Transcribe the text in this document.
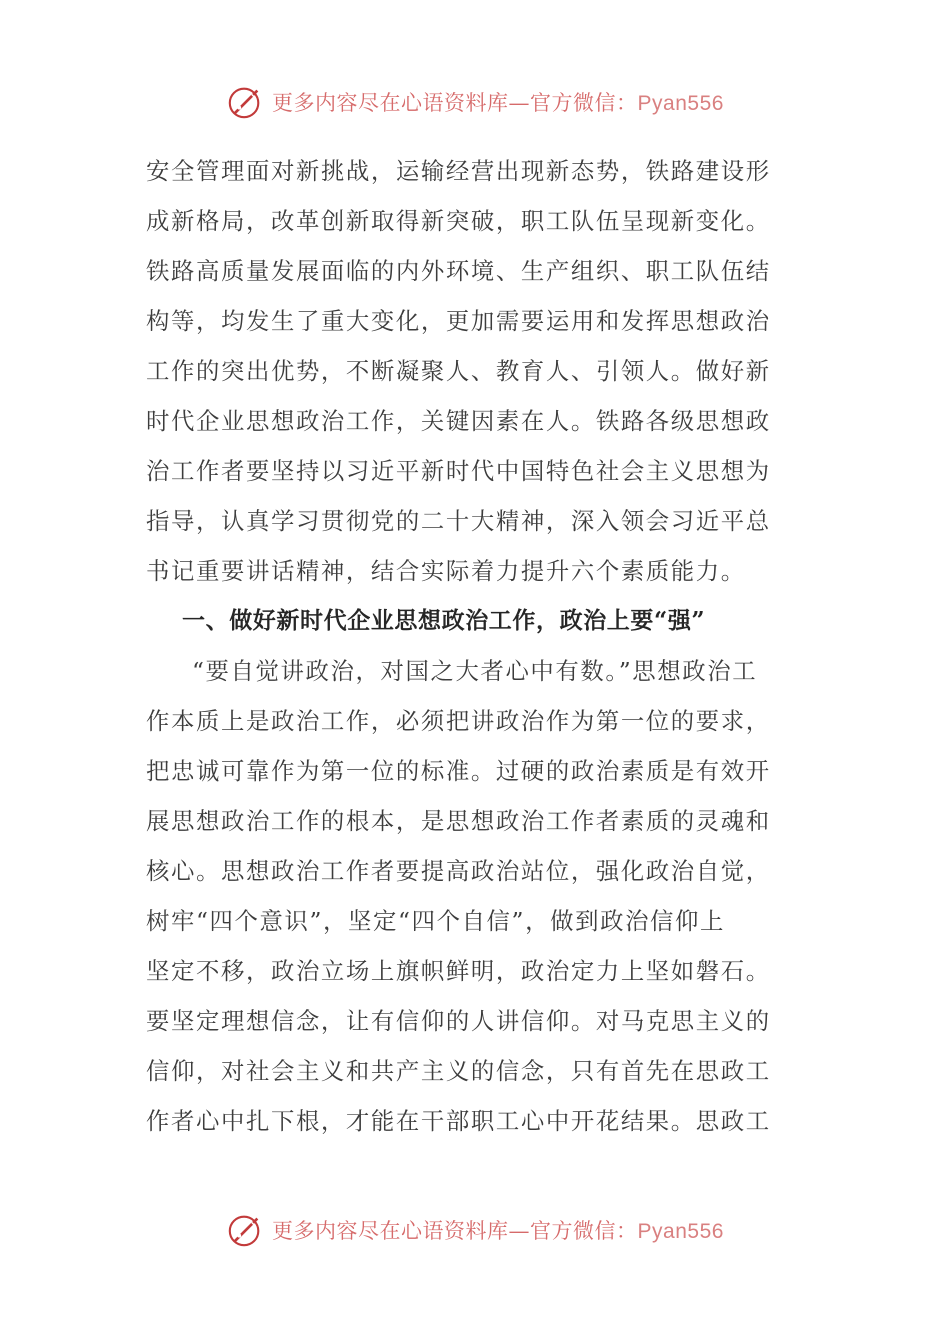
更多内容尽在心语资料库—官方微信：Pyan556
安全管理面对新挑战，运输经营出现新态势，铁路建设形
成新格局，改革创新取得新突破，职工队伍呈现新变化。
铁路高质量发展面临的内外环境、生产组织、职工队伍结
构等，均发生了重大变化，更加需要运用和发挥思想政治
工作的突出优势，不断凝聚人、教育人、引领人。做好新
时代企业思想政治工作，关键因素在人。铁路各级思想政
治工作者要坚持以习近平新时代中国特色社会主义思想为
指导，认真学习贯彻党的二十大精神，深入领会习近平总
书记重要讲话精神，结合实际着力提升六个素质能力。
一、做好新时代企业思想政治工作，政治上要“强”
“要自觉讲政治，对国之大者心中有数。”思想政治工
作本质上是政治工作，必须把讲政治作为第一位的要求，
把忠诚可靠作为第一位的标准。过硬的政治素质是有效开
展思想政治工作的根本，是思想政治工作者素质的灵魂和
核心。思想政治工作者要提高政治站位，强化政治自觉，
树牢“四个意识”，坚定“四个自信”，做到政治信仰上
坚定不移，政治立场上旗帜鲜明，政治定力上坚如磐石。
要坚定理想信念，让有信仰的人讲信仰。对马克思主义的
信仰，对社会主义和共产主义的信念，只有首先在思政工
作者心中扎下根，才能在干部职工心中开花结果。思政工
更多内容尽在心语资料库—官方微信：Pyan556
